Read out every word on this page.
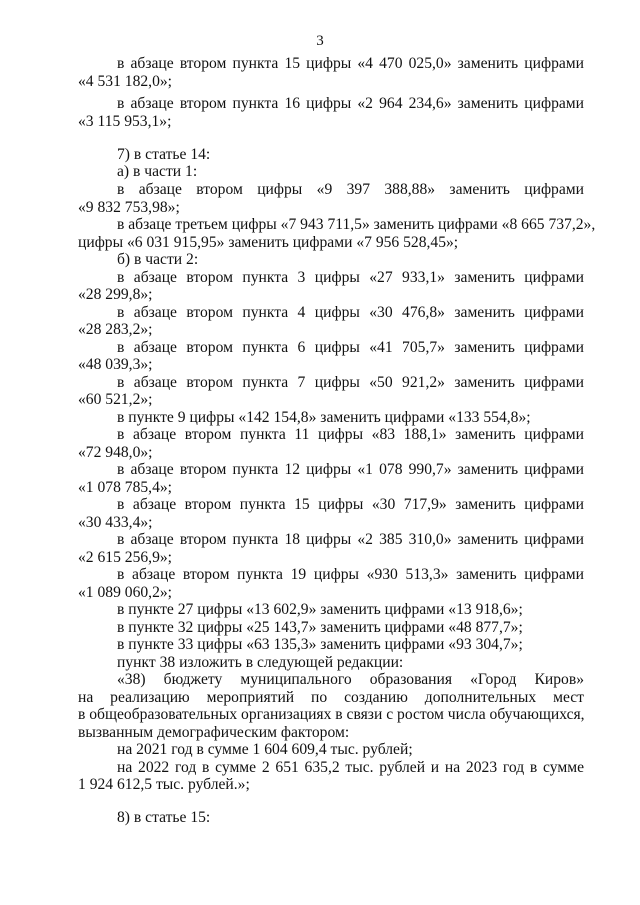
3
в абзаце втором пункта 15 цифры «4 470 025,0» заменить цифрами
«4 531 182,0»;
в абзаце втором пункта 16 цифры «2 964 234,6» заменить цифрами
«3 115 953,1»;
7) в статье 14:
а) в части 1:
в абзаце втором цифры «9 397 388,88» заменить цифрами
«9 832 753,98»;
в абзаце третьем цифры «7 943 711,5» заменить цифрами «8 665 737,2»,
цифры «6 031 915,95» заменить цифрами «7 956 528,45»;
б) в части 2:
в абзаце втором пункта 3 цифры «27 933,1» заменить цифрами
«28 299,8»;
в абзаце втором пункта 4 цифры «30 476,8» заменить цифрами
«28 283,2»;
в абзаце втором пункта 6 цифры «41 705,7» заменить цифрами
«48 039,3»;
в абзаце втором пункта 7 цифры «50 921,2» заменить цифрами
«60 521,2»;
в пункте 9 цифры «142 154,8» заменить цифрами «133 554,8»;
в абзаце втором пункта 11 цифры «83 188,1» заменить цифрами
«72 948,0»;
в абзаце втором пункта 12 цифры «1 078 990,7» заменить цифрами
«1 078 785,4»;
в абзаце втором пункта 15 цифры «30 717,9» заменить цифрами
«30 433,4»;
в абзаце втором пункта 18 цифры «2 385 310,0» заменить цифрами
«2 615 256,9»;
в абзаце втором пункта 19 цифры «930 513,3» заменить цифрами
«1 089 060,2»;
в пункте 27 цифры «13 602,9» заменить цифрами «13 918,6»;
в пункте 32 цифры «25 143,7» заменить цифрами «48 877,7»;
в пункте 33 цифры «63 135,3» заменить цифрами «93 304,7»;
пункт 38 изложить в следующей редакции:
«38) бюджету муниципального образования «Город Киров»
на реализацию мероприятий по созданию дополнительных мест
в общеобразовательных организациях в связи с ростом числа обучающихся,
вызванным демографическим фактором:
на 2021 год в сумме 1 604 609,4 тыс. рублей;
на 2022 год в сумме 2 651 635,2 тыс. рублей и на 2023 год в сумме
1 924 612,5 тыс. рублей.»;
8) в статье 15:
